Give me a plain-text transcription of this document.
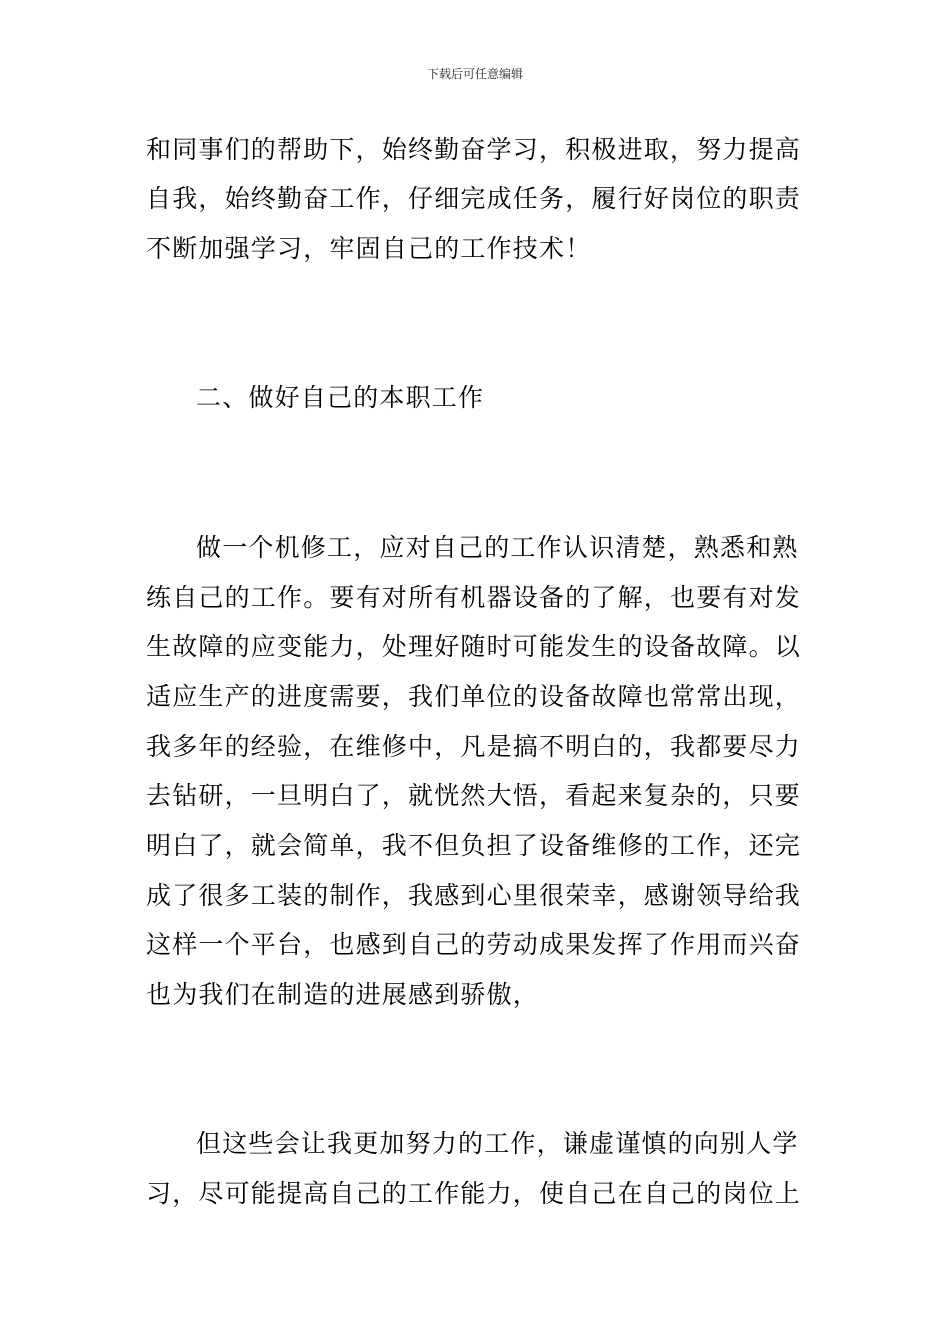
下载后可任意编辑
和同事们的帮助下，始终勤奋学习，积极进取，努力提高
自我，始终勤奋工作，仔细完成任务，履行好岗位的职责
不断加强学习，牢固自己的工作技术！
二、做好自己的本职工作
做一个机修工，应对自己的工作认识清楚，熟悉和熟
练自己的工作。要有对所有机器设备的了解，也要有对发
生故障的应变能力，处理好随时可能发生的设备故障。以
适应生产的进度需要，我们单位的设备故障也常常出现，
我多年的经验，在维修中，凡是搞不明白的，我都要尽力
去钻研，一旦明白了，就恍然大悟，看起来复杂的，只要
明白了，就会简单，我不但负担了设备维修的工作，还完
成了很多工装的制作，我感到心里很荣幸，感谢领导给我
这样一个平台，也感到自己的劳动成果发挥了作用而兴奋
也为我们在制造的进展感到骄傲，
但这些会让我更加努力的工作，谦虚谨慎的向别人学
习，尽可能提高自己的工作能力，使自己在自己的岗位上
